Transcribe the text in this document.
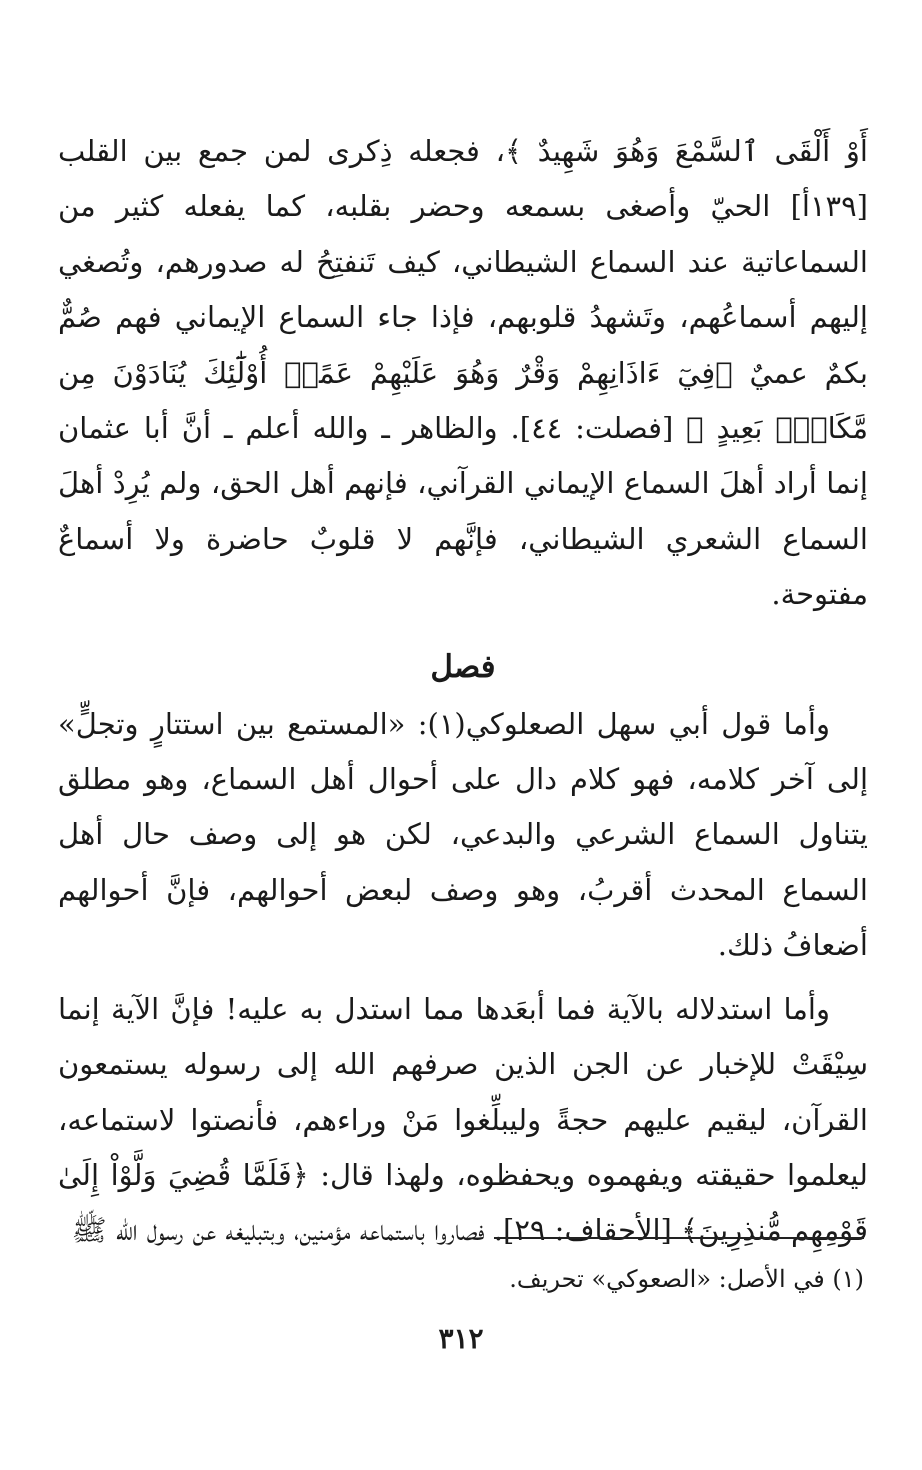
أَوْ أَلْقَى ٱلسَّمْعَ وَهُوَ شَهِيدٌ ﴾، فجعله ذِكرى لمن جمع بين القلب [١٣٩أ] الحيّ وأصغى بسمعه وحضر بقلبه، كما يفعله كثير من السماعاتية عند السماع الشيطاني، كيف تَنفتِحُ له صدورهم، وتُصغي إليهم أسماعُهم، وتَشهدُ قلوبهم، فإذا جاء السماع الإيماني فهم صُمٌّ بكمٌ عميٌ ﴿فِيٓ ءَاذَانِهِمْ وَقْرٌ وَهُوَ عَلَيْهِمْ عَمًىۚ أُوْلَٰٓئِكَ يُنَادَوْنَ مِن مَّكَانِۭ بَعِيدٍ ﴾ [فصلت: ٤٤]. والظاهر ـ والله أعلم ـ أنَّ أبا عثمان إنما أراد أهلَ السماع الإيماني القرآني، فإنهم أهل الحق، ولم يُرِدْ أهلَ السماع الشعري الشيطاني، فإنَّهم لا قلوبٌ حاضرة ولا أسماعٌ مفتوحة.

فصل

وأما قول أبي سهل الصعلوكي(١): «المستمع بين استتارٍ وتجلٍّ» إلى آخر كلامه، فهو كلام دال على أحوال أهل السماع، وهو مطلق يتناول السماع الشرعي والبدعي، لكن هو إلى وصف حال أهل السماع المحدث أقربُ، وهو وصف لبعض أحوالهم، فإنَّ أحوالهم أضعافُ ذلك.

وأما استدلاله بالآية فما أبعَدها مما استدل به عليه! فإنَّ الآية إنما سِيْقَتْ للإخبار عن الجن الذين صرفهم الله إلى رسوله يستمعون القرآن، ليقيم عليهم حجةً وليبلِّغوا مَنْ وراءهم، فأنصتوا لاستماعه، ليعلموا حقيقته ويفهموه ويحفظوه، ولهذا قال: ﴿فَلَمَّا قُضِيَ وَلَّوْاْ إِلَىٰ قَوْمِهِم مُّنذِرِينَ﴾ [الأحقاف: ٢٩]. فصاروا باستماعه مؤمنين، وبتبليغه عن رسول الله ﷺ

(١) في الأصل: «الصعوكي» تحريف.
٣١٢
